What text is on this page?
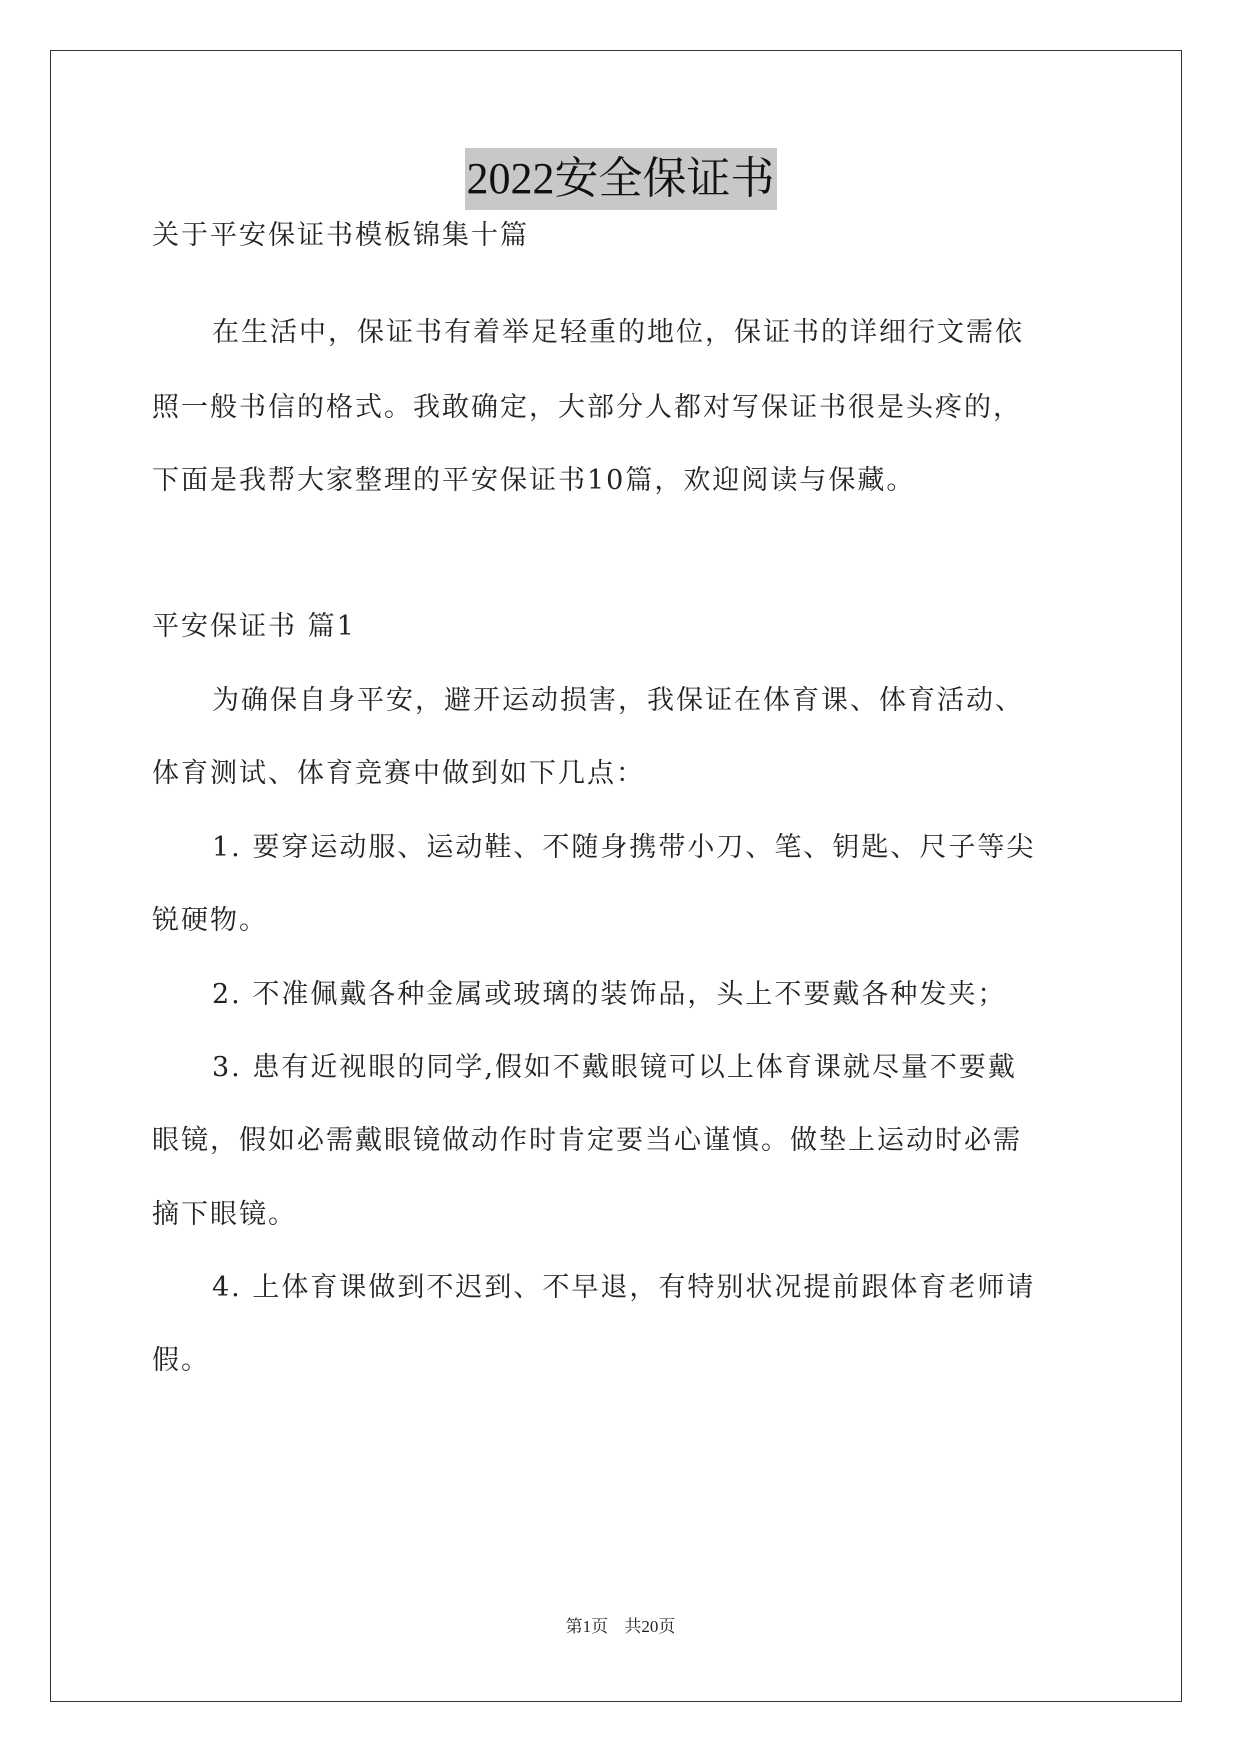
2022安全保证书
关于平安保证书模板锦集十篇
在生活中，保证书有着举足轻重的地位，保证书的详细行文需依
照一般书信的格式。我敢确定，大部分人都对写保证书很是头疼的，
下面是我帮大家整理的平安保证书10篇，欢迎阅读与保藏。
平安保证书 篇1
为确保自身平安，避开运动损害，我保证在体育课、体育活动、
体育测试、体育竞赛中做到如下几点：
1. 要穿运动服、运动鞋、不随身携带小刀、笔、钥匙、尺子等尖
锐硬物。
2. 不准佩戴各种金属或玻璃的装饰品，头上不要戴各种发夹；
3. 患有近视眼的同学,假如不戴眼镜可以上体育课就尽量不要戴
眼镜，假如必需戴眼镜做动作时肯定要当心谨慎。做垫上运动时必需
摘下眼镜。
4. 上体育课做到不迟到、不早退，有特别状况提前跟体育老师请
假。
第1页 共20页
